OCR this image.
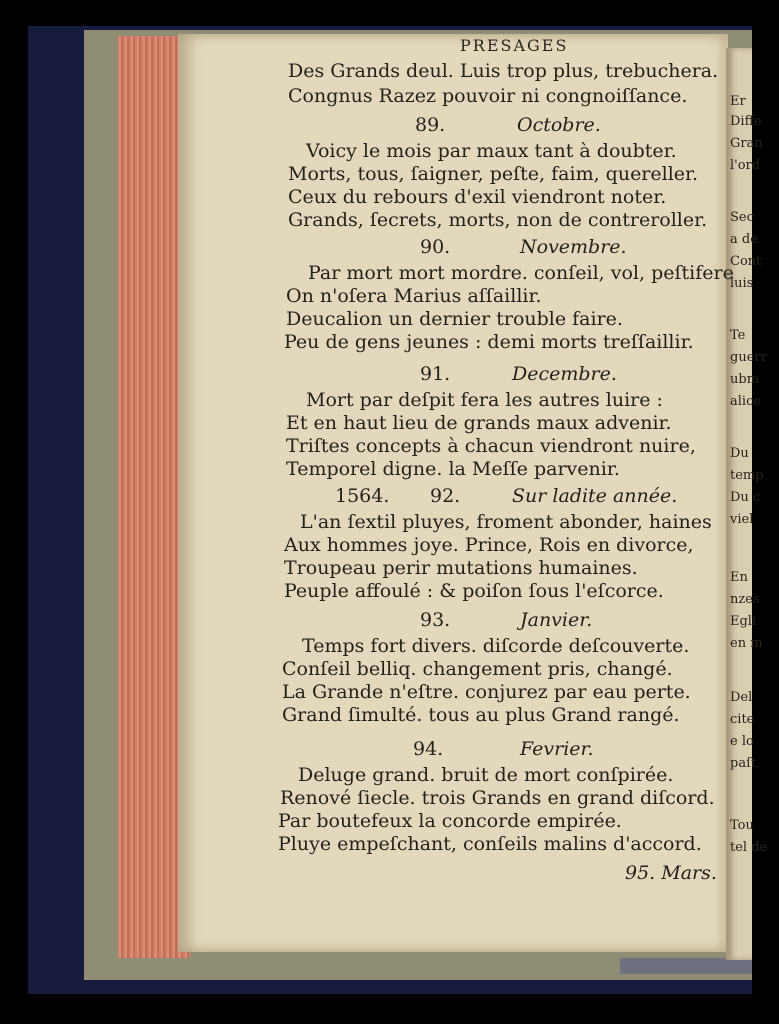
Er
Diffe
Gran
l'ord
Sec
a de
Cont
luis
Te
guerr
ubm
alice
Du
temp
Du c
viel
En
nzes
Egli
en m
Del
cite
e lo
paſt,
Tou
tel de
PRESAGES
Des Grands deul. Luis trop plus, trebuchera.
Congnus Razez pouvoir ni congnoiſſance.
89.	Octobre.
Voicy le mois par maux tant à doubter.
Morts, tous, ſaigner, peſte, faim, quereller.
Ceux du rebours d'exil viendront noter.
Grands, ſecrets, morts, non de contreroller.
90.	Novembre.
Par mort mort mordre. conſeil, vol, peſtifere
On n'oſera Marius aſſaillir.
Deucalion un dernier trouble faire.
Peu de gens jeunes : demi morts treſſaillir.
91.	Decembre.
Mort par deſpit fera les autres luire :
Et en haut lieu de grands maux advenir.
Triſtes concepts à chacun viendront nuire,
Temporel digne. la Meſſe parvenir.
1564. 92.	Sur ladite année.
L'an ſextil pluyes, froment abonder, haines
Aux hommes joye. Prince, Rois en divorce,
Troupeau perir mutations humaines.
Peuple affoulé : & poiſon ſous l'eſcorce.
93.	Janvier.
Temps fort divers. diſcorde deſcouverte.
Conſeil belliq. changement pris, changé.
La Grande n'eſtre. conjurez par eau perte.
Grand ſimulté. tous au plus Grand rangé.
94.	Fevrier.
Deluge grand. bruit de mort conſpirée.
Renové ſiecle. trois Grands en grand diſcord.
Par boutefeux la concorde empirée.
Pluye empeſchant, conſeils malins d'accord.
95. Mars.
